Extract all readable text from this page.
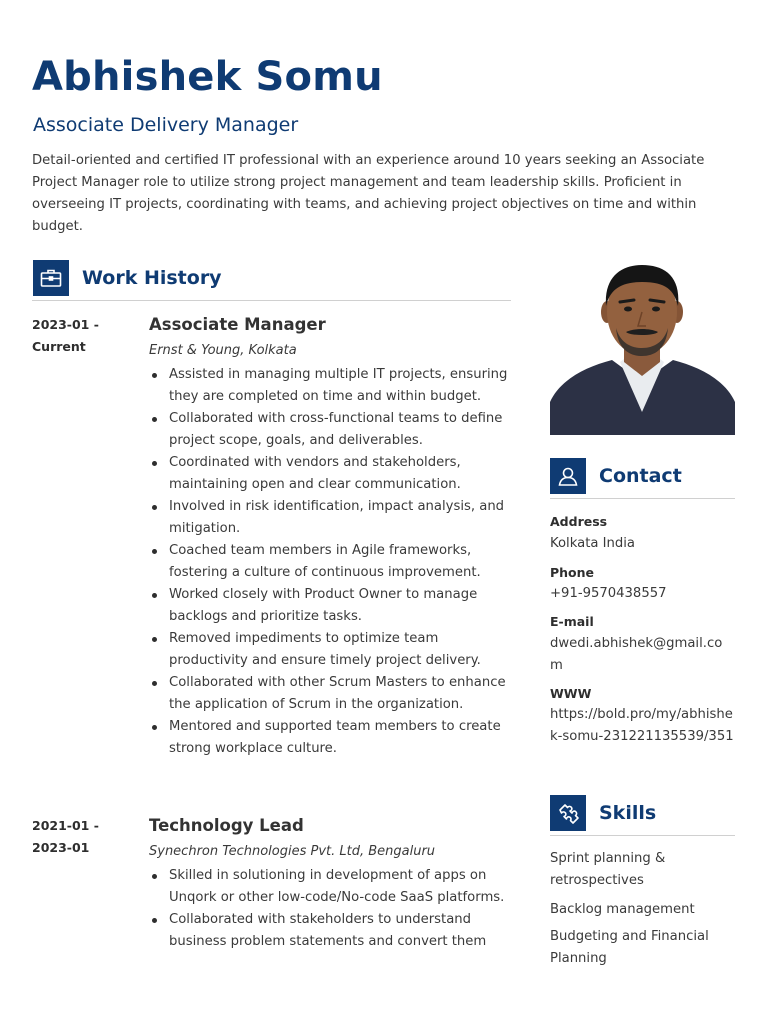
Abhishek Somu
Associate Delivery Manager
Detail-oriented and certified IT professional with an experience around 10 years seeking an Associate Project Manager role to utilize strong project management and team leadership skills. Proficient in overseeing IT projects, coordinating with teams, and achieving project objectives on time and within budget.
Work History
2023-01 -
Current
Associate Manager
Ernst & Young, Kolkata
Assisted in managing multiple IT projects, ensuring they are completed on time and within budget.
Collaborated with cross-functional teams to define project scope, goals, and deliverables.
Coordinated with vendors and stakeholders, maintaining open and clear communication.
Involved in risk identification, impact analysis, and mitigation.
Coached team members in Agile frameworks, fostering a culture of continuous improvement.
Worked closely with Product Owner to manage backlogs and prioritize tasks.
Removed impediments to optimize team productivity and ensure timely project delivery.
Collaborated with other Scrum Masters to enhance the application of Scrum in the organization.
Mentored and supported team members to create strong workplace culture.
2021-01 -
2023-01
Technology Lead
Synechron Technologies Pvt. Ltd, Bengaluru
Skilled in solutioning in development of apps on Unqork or other low-code/No-code SaaS platforms.
Collaborated with stakeholders to understand business problem statements and convert them
Contact
Address
Kolkata India
Phone
+91-9570438557
E-mail
dwedi.abhishek@gmail.com
WWW
https://bold.pro/my/abhishek-somu-231221135539/351
Skills
Sprint planning & retrospectives
Backlog management
Budgeting and Financial Planning
